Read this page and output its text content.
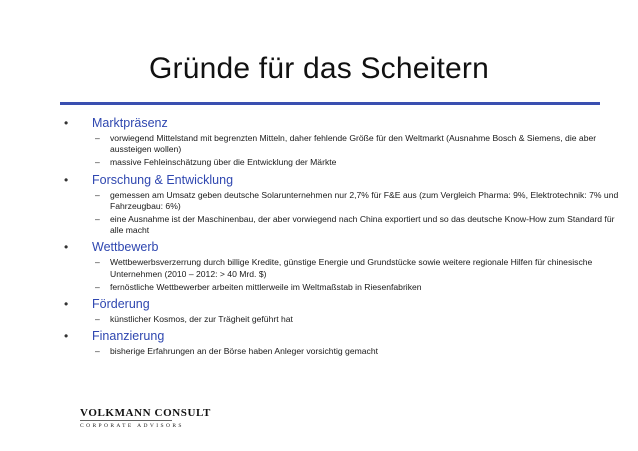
Gründe für das Scheitern
•	Marktpräsenz
–	vorwiegend Mittelstand mit begrenzten Mitteln, daher fehlende Größe für den Weltmarkt (Ausnahme Bosch & Siemens, die aber aussteigen wollen)
–	massive Fehleinschätzung über die Entwicklung der Märkte
•	Forschung & Entwicklung
–	gemessen am Umsatz geben deutsche Solarunternehmen nur 2,7% für F&E aus (zum Vergleich Pharma: 9%, Elektrotechnik: 7% und Fahrzeugbau: 6%)
–	eine Ausnahme ist der Maschinenbau, der aber vorwiegend nach China exportiert und so das deutsche Know-How zum Standard für alle macht
•	Wettbewerb
–	Wettbewerbsverzerrung durch billige Kredite, günstige Energie und Grundstücke sowie weitere regionale Hilfen für chinesische Unternehmen (2010 – 2012: > 40 Mrd. $)
–	fernöstliche Wettbewerber arbeiten mittlerweile im Weltmaßstab in Riesenfabriken
•	Förderung
–	künstlicher Kosmos, der zur Trägheit geführt hat
•	Finanzierung
–	bisherige Erfahrungen an der Börse haben Anleger vorsichtig gemacht
VOLKMANN CONSULT
CORPORATE ADVISORS
